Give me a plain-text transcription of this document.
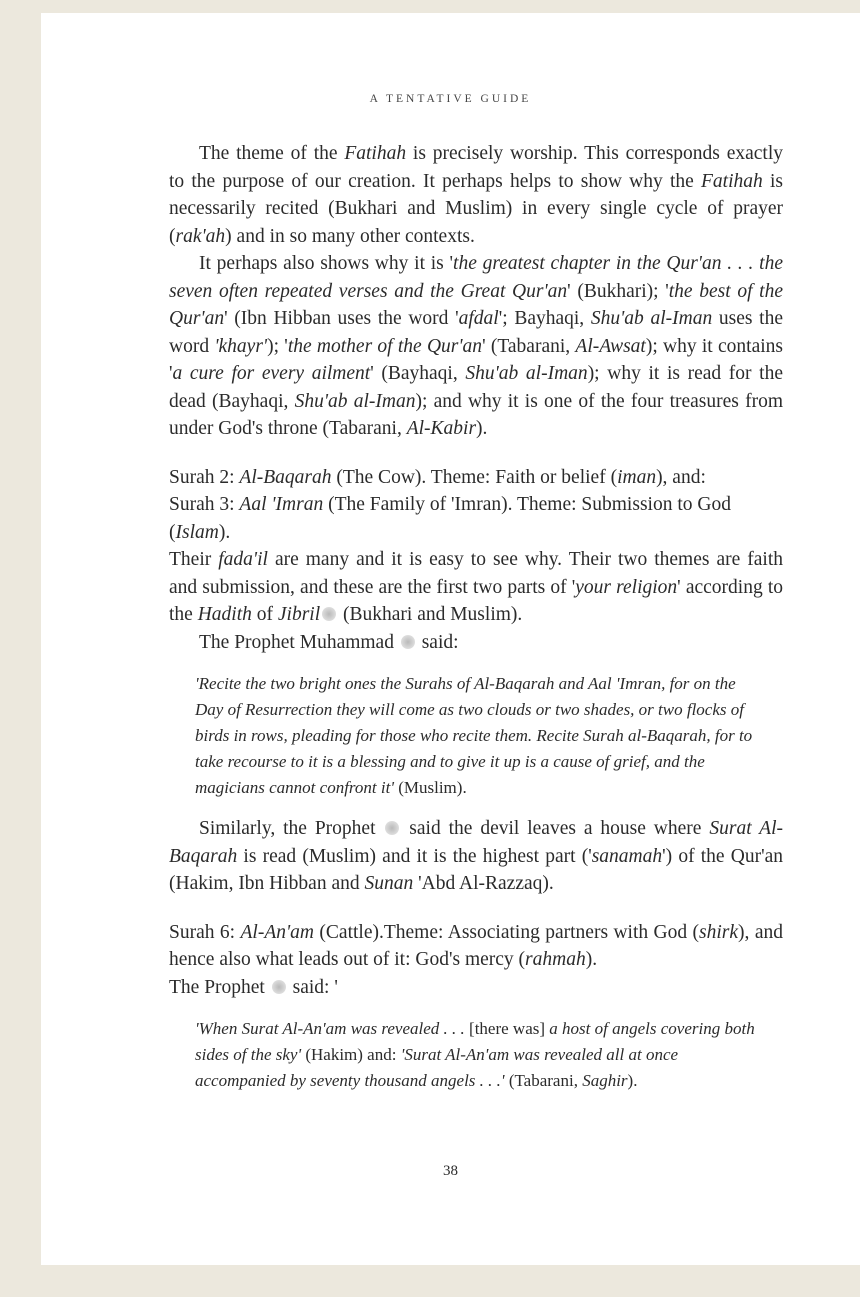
A TENTATIVE GUIDE

The theme of the Fatihah is precisely worship. This corresponds exactly to the purpose of our creation. It perhaps helps to show why the Fatihah is necessarily recited (Bukhari and Muslim) in every single cycle of prayer (rak'ah) and in so many other contexts.

It perhaps also shows why it is 'the greatest chapter in the Qur'an . . . the seven often repeated verses and the Great Qur'an' (Bukhari); 'the best of the Qur'an' (Ibn Hibban uses the word 'afdal'; Bayhaqi, Shu'ab al-Iman uses the word 'khayr'); 'the mother of the Qur'an' (Tabarani, Al-Awsat); why it contains 'a cure for every ailment' (Bayhaqi, Shu'ab al-Iman); why it is read for the dead (Bayhaqi, Shu'ab al-Iman); and why it is one of the four treasures from under God's throne (Tabarani, Al-Kabir).

Surah 2: Al-Baqarah (The Cow). Theme: Faith or belief (iman), and:

Surah 3: Aal 'Imran (The Family of 'Imran). Theme: Submission to God (Islam).

Their fada'il are many and it is easy to see why. Their two themes are faith and submission, and these are the first two parts of 'your religion' according to the Hadith of Jibril (Bukhari and Muslim).

The Prophet Muhammad  said:

'Recite the two bright ones the Surahs of Al-Baqarah and Aal 'Imran, for on the Day of Resurrection they will come as two clouds or two shades, or two flocks of birds in rows, pleading for those who recite them. Recite Surah al-Baqarah, for to take recourse to it is a blessing and to give it up is a cause of grief, and the magicians cannot confront it' (Muslim).

Similarly, the Prophet  said the devil leaves a house where Surat Al-Baqarah is read (Muslim) and it is the highest part ('sanamah') of the Qur'an (Hakim, Ibn Hibban and Sunan 'Abd Al-Razzaq).

Surah 6: Al-An'am (Cattle).Theme: Associating partners with God (shirk), and hence also what leads out of it: God's mercy (rahmah).

The Prophet  said: '

'When Surat Al-An'am was revealed . . . [there was] a host of angels covering both sides of the sky' (Hakim) and: 'Surat Al-An'am was revealed all at once accompanied by seventy thousand angels . . .' (Tabarani, Saghir).

38
